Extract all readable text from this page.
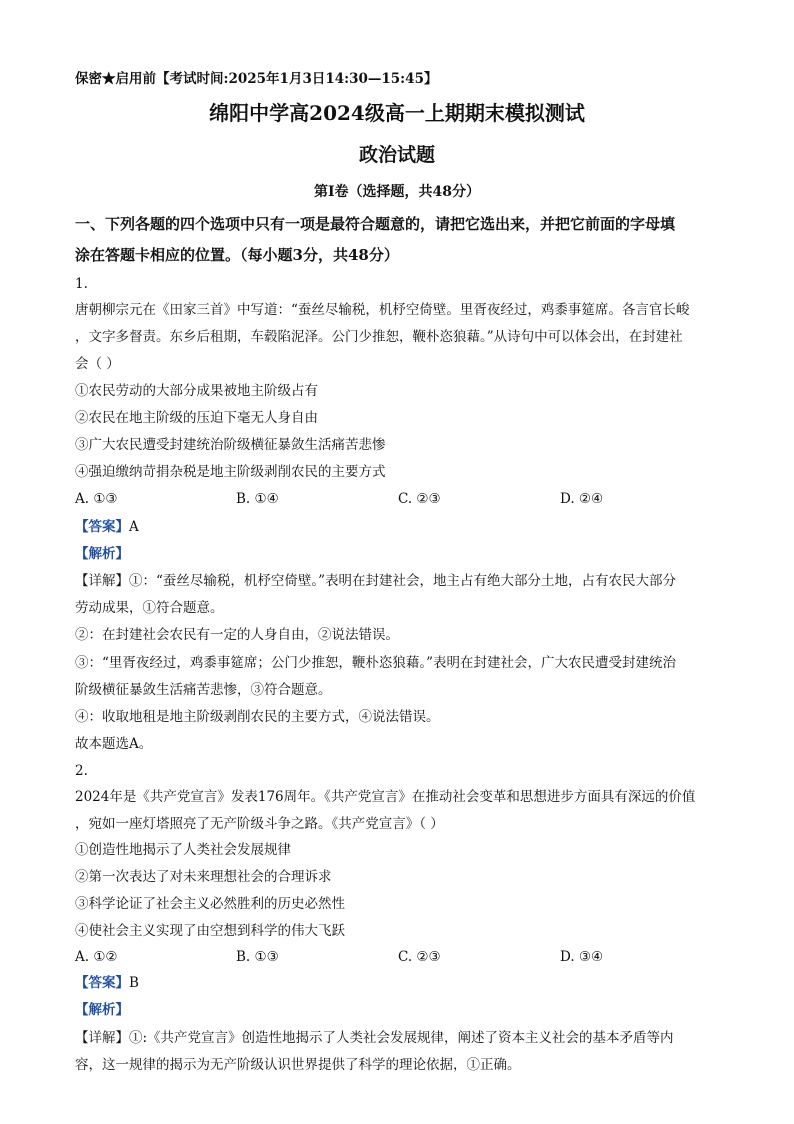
保密★启用前【考试时间:2025年1月3日14:30—15:45】
绵阳中学高2024级高一上期期末模拟测试
政治试题
第Ⅰ卷（选择题，共48分）
一、下列各题的四个选项中只有一项是最符合题意的，请把它选出来，并把它前面的字母填
涂在答题卡相应的位置。（每小题3分，共48分）
1.
唐朝柳宗元在《田家三首》中写道：“蚕丝尽输税，机杼空倚壁。里胥夜经过，鸡黍事筵席。各言官长峻
，文字多督责。东乡后租期，车毂陷泥泽。公门少推恕，鞭朴恣狼藉。”从诗句中可以体会出，在封建社
会（ ）
①农民劳动的大部分成果被地主阶级占有
②农民在地主阶级的压迫下毫无人身自由
③广大农民遭受封建统治阶级横征暴敛生活痛苦悲惨
④强迫缴纳苛捐杂税是地主阶级剥削农民的主要方式
A. ①③	B. ①④	C. ②③	D. ②④
【答案】A
【解析】
【详解】①：“蚕丝尽输税，机杼空倚壁。”表明在封建社会，地主占有绝大部分土地，占有农民大部分
劳动成果，①符合题意。
②：在封建社会农民有一定的人身自由，②说法错误。
③：“里胥夜经过，鸡黍事筵席；公门少推恕，鞭朴恣狼藉。”表明在封建社会，广大农民遭受封建统治
阶级横征暴敛生活痛苦悲惨，③符合题意。
④：收取地租是地主阶级剥削农民的主要方式，④说法错误。
故本题选A。
2.
2024年是《共产党宣言》发表176周年。《共产党宣言》在推动社会变革和思想进步方面具有深远的价值
，宛如一座灯塔照亮了无产阶级斗争之路。《共产党宣言》（ ）
①创造性地揭示了人类社会发展规律
②第一次表达了对未来理想社会的合理诉求
③科学论证了社会主义必然胜利的历史必然性
④使社会主义实现了由空想到科学的伟大飞跃
A. ①②	B. ①③	C. ②③	D. ③④
【答案】B
【解析】
【详解】①:《共产党宣言》创造性地揭示了人类社会发展规律，阐述了资本主义社会的基本矛盾等内
容，这一规律的揭示为无产阶级认识世界提供了科学的理论依据，①正确。
